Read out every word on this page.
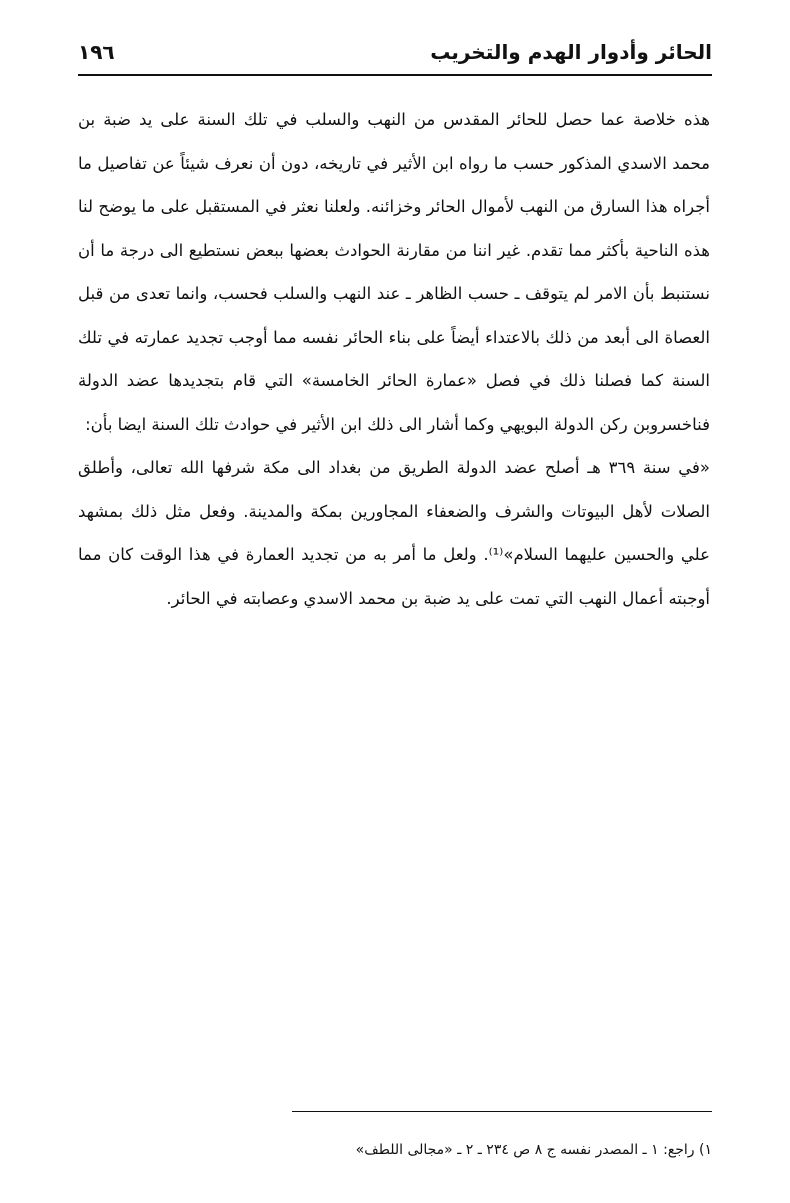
الحائر وأدوار الهدم والتخريب
١٩٦

هذه خلاصة عما حصل للحائر المقدس من النهب والسلب في تلك السنة على يد ضبة بن محمد الاسدي المذكور حسب ما رواه ابن الأثير في تاريخه، دون أن نعرف شيئاً عن تفاصيل ما أجراه هذا السارق من النهب لأموال الحائر وخزائنه. ولعلنا نعثر في المستقبل على ما يوضح لنا هذه الناحية بأكثر مما تقدم. غير اننا من مقارنة الحوادث بعضها ببعض نستطيع الى درجة ما أن نستنبط بأن الامر لم يتوقف ـ حسب الظاهر ـ عند النهب والسلب فحسب، وانما تعدى من قبل العصاة الى أبعد من ذلك بالاعتداء أيضاً على بناء الحائر نفسه مما أوجب تجديد عمارته في تلك السنة كما فصلنا ذلك في فصل «عمارة الحائر الخامسة» التي قام بتجديدها عضد الدولة فناخسروبن ركن الدولة البويهي وكما أشار الى ذلك ابن الأثير في حوادث تلك السنة ايضا بأن:

«في سنة ٣٦٩ هـ أصلح عضد الدولة الطريق من بغداد الى مكة شرفها الله تعالى، وأطلق الصلات لأهل البيوتات والشرف والضعفاء المجاورين بمكة والمدينة. وفعل مثل ذلك بمشهد علي والحسين عليهما السلام»⁽¹⁾. ولعل ما أمر به من تجديد العمارة في هذا الوقت كان مما أوجبته أعمال النهب التي تمت على يد ضبة بن محمد الاسدي وعصابته في الحائر.

١) راجع: ١ ـ المصدر نفسه ج ٨ ص ٢٣٤ ـ ٢ ـ «مجالى اللطف»
